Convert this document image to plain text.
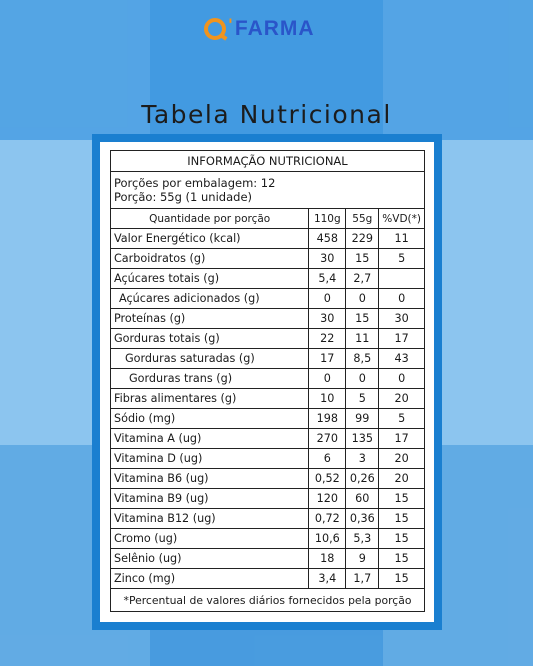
' FARMA
Tabela Nutricional
INFORMAÇÃO NUTRICIONAL			

Porções por embalagem: 12
Porção: 55g (1 unidade)			

Quantidade por porção	110g	55g	%VD(*)
Valor Energético (kcal)	458	229	11
Carboidratos (g)	30	15	5
Açúcares totais (g)	5,4	2,7	
Açúcares adicionados (g)	0	0	0
Proteínas (g)	30	15	30
Gorduras totais (g)	22	11	17
Gorduras saturadas (g)	17	8,5	43
Gorduras trans (g)	0	0	0
Fibras alimentares (g)	10	5	20
Sódio (mg)	198	99	5
Vitamina A (ug)	270	135	17
Vitamina D (ug)	6	3	20
Vitamina B6 (ug)	0,52	0,26	20
Vitamina B9 (ug)	120	60	15
Vitamina B12 (ug)	0,72	0,36	15
Cromo (ug)	10,6	5,3	15
Selênio (ug)	18	9	15
Zinco (mg)	3,4	1,7	15
*Percentual de valores diários fornecidos pela porção			
